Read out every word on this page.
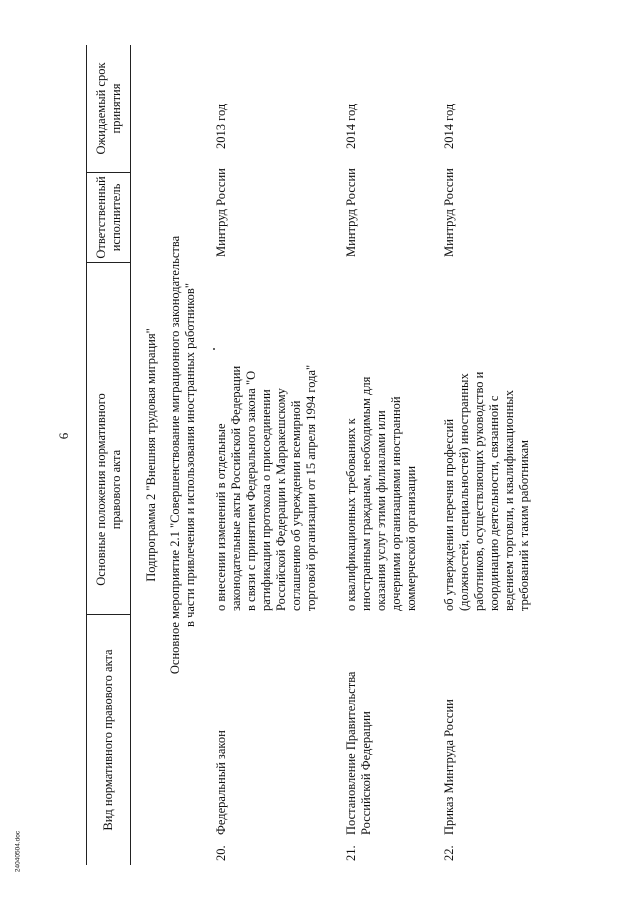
6
24040504.doc
Вид нормативного правового акта
Основные положения нормативного правового акта
Ответственный исполнитель
Ожидаемый срок принятия
Подпрограмма 2 "Внешняя трудовая миграция" Основное мероприятие 2.1 "Совершенствование миграционного законодательства в части привлечения и использования иностранных работников"
20.
Федеральный закон
о внесении изменений в отдельные законодательные акты Российской Федерации в связи с принятием Федерального закона "О ратификации протокола о присоединении Российской Федерации к Марракешскому соглашению об учреждении всемирной торговой организации от 15 апреля 1994 года"
Минтруд России
2013 год
21.
Постановление Правительства Российской Федерации
о квалификационных требованиях к иностранным гражданам, необходимым для оказания услуг этими филиалами или дочерними организациями иностранной коммерческой организации
Минтруд России
2014 год
22.
Приказ Минтруда России
об утверждении перечня профессий (должностей, специальностей) иностранных работников, осуществляющих руководство и координацию деятельности, связанной с ведением торговли, и квалификационных требований к таким работникам
Минтруд России
2014 год
